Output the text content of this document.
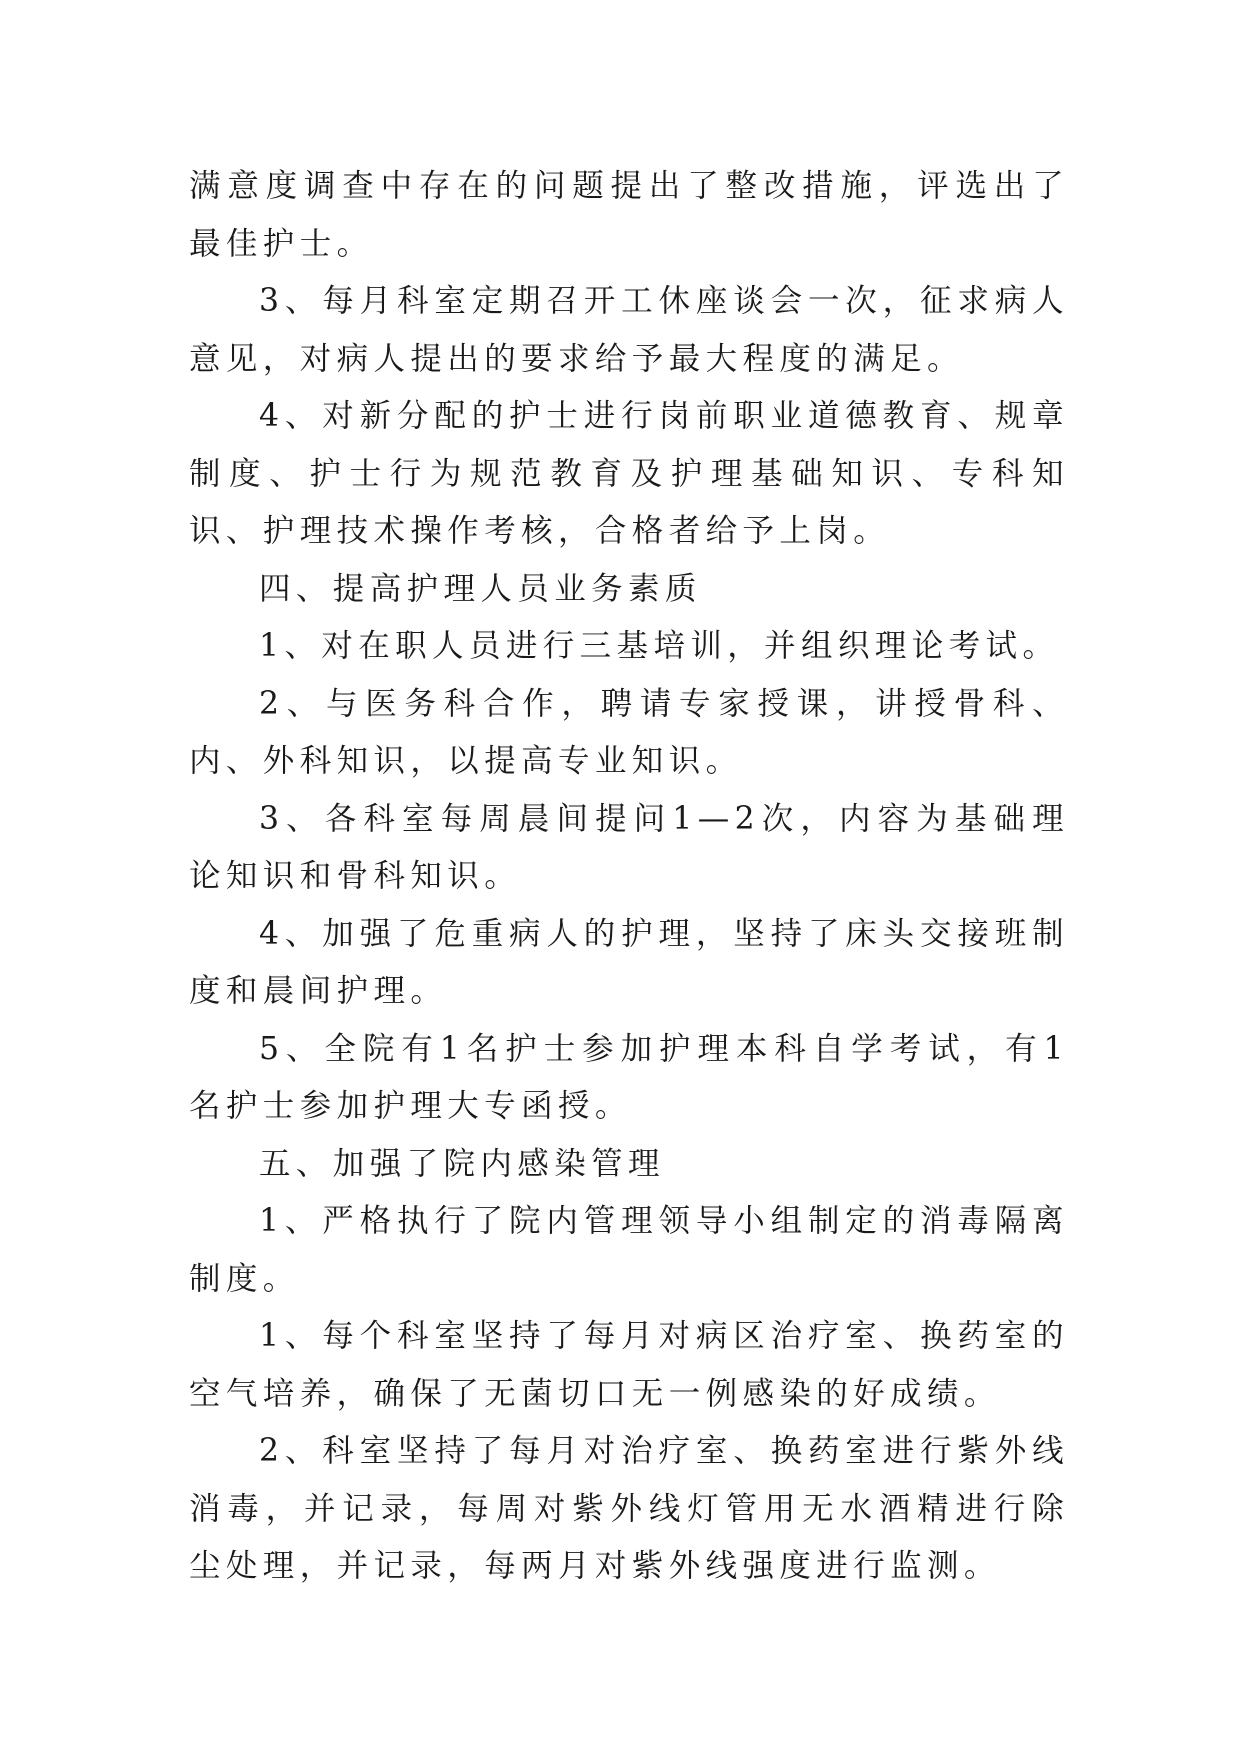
满意度调查中存在的问题提出了整改措施，评选出了最佳护士。

3、每月科室定期召开工休座谈会一次，征求病人意见，对病人提出的要求给予最大程度的满足。

4、对新分配的护士进行岗前职业道德教育、规章制度、护士行为规范教育及护理基础知识、专科知识、护理技术操作考核，合格者给予上岗。

四、提高护理人员业务素质

1、对在职人员进行三基培训，并组织理论考试。

2、与医务科合作，聘请专家授课，讲授骨科、内、外科知识，以提高专业知识。

3、各科室每周晨间提问1—2次，内容为基础理论知识和骨科知识。

4、加强了危重病人的护理，坚持了床头交接班制度和晨间护理。

5、全院有1名护士参加护理本科自学考试，有1名护士参加护理大专函授。

五、加强了院内感染管理

1、严格执行了院内管理领导小组制定的消毒隔离制度。

1、每个科室坚持了每月对病区治疗室、换药室的空气培养，确保了无菌切口无一例感染的好成绩。

2、科室坚持了每月对治疗室、换药室进行紫外线消毒，并记录，每周对紫外线灯管用无水酒精进行除尘处理，并记录，每两月对紫外线强度进行监测。
